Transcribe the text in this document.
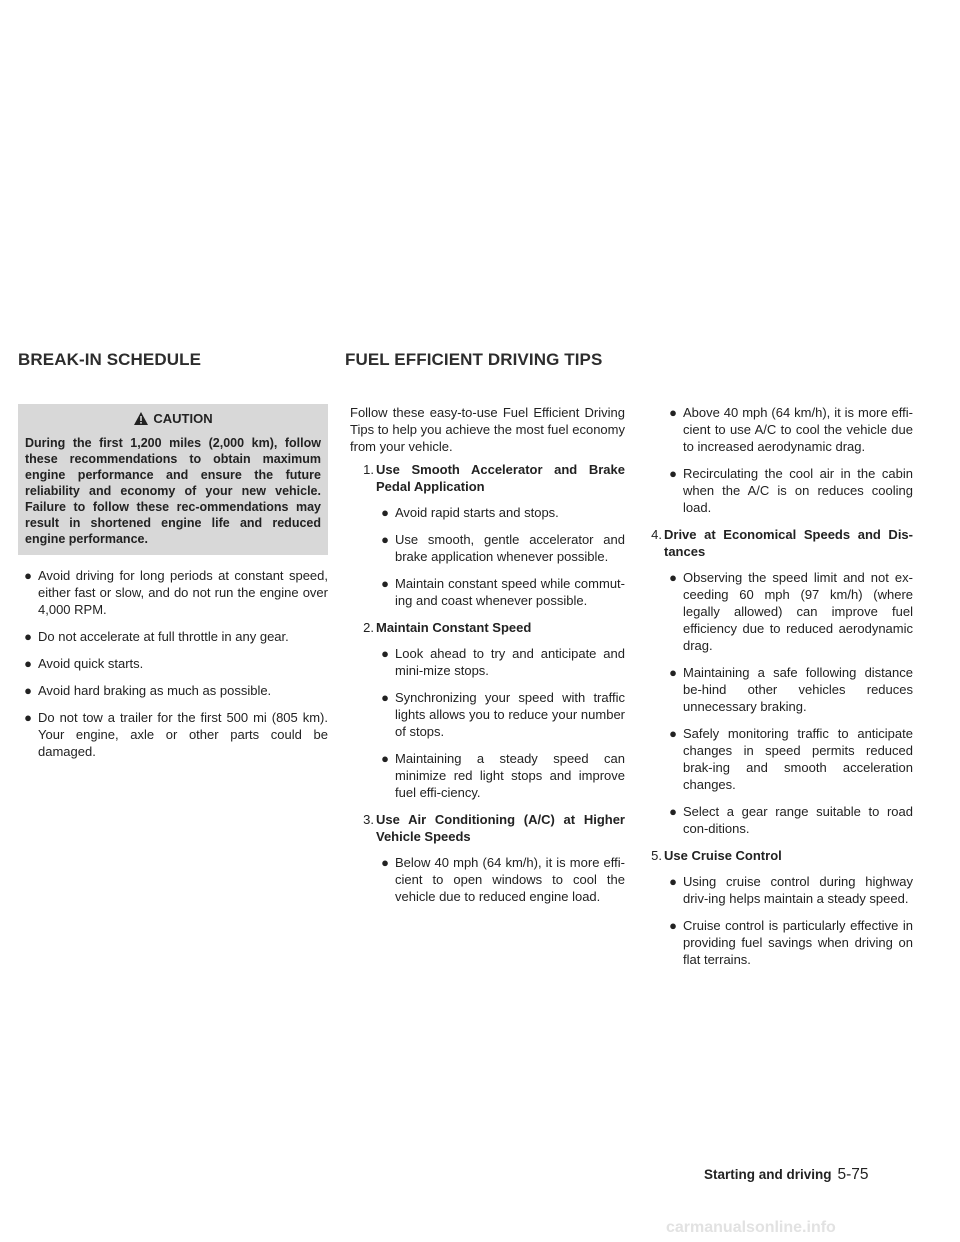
BREAK-IN SCHEDULE	FUEL EFFICIENT DRIVING TIPS
CAUTION
During the first 1,200 miles (2,000 km), follow these recommendations to obtain maximum engine performance and ensure the future reliability and economy of your new vehicle. Failure to follow these rec-ommendations may result in shortened engine life and reduced engine performance.
● Avoid driving for long periods at constant speed, either fast or slow, and do not run the engine over 4,000 RPM.
● Do not accelerate at full throttle in any gear.
● Avoid quick starts.
● Avoid hard braking as much as possible.
● Do not tow a trailer for the first 500 mi (805 km). Your engine, axle or other parts could be damaged.

Follow these easy-to-use Fuel Efficient Driving Tips to help you achieve the most fuel economy from your vehicle.

1. Use Smooth Accelerator and Brake Pedal Application
● Avoid rapid starts and stops.
● Use smooth, gentle accelerator and brake application whenever possible.
● Maintain constant speed while commut-ing and coast whenever possible.
2. Maintain Constant Speed
● Look ahead to try and anticipate and mini-mize stops.
● Synchronizing your speed with traffic lights allows you to reduce your number of stops.
● Maintaining a steady speed can minimize red light stops and improve fuel effi-ciency.
3. Use Air Conditioning (A/C) at Higher Vehicle Speeds
● Below 40 mph (64 km/h), it is more effi-cient to open windows to cool the vehicle due to reduced engine load.
● Above 40 mph (64 km/h), it is more effi-cient to use A/C to cool the vehicle due to increased aerodynamic drag.
● Recirculating the cool air in the cabin when the A/C is on reduces cooling load.
4. Drive at Economical Speeds and Dis-tances
● Observing the speed limit and not ex-ceeding 60 mph (97 km/h) (where legally allowed) can improve fuel efficiency due to reduced aerodynamic drag.
● Maintaining a safe following distance be-hind other vehicles reduces unnecessary braking.
● Safely monitoring traffic to anticipate changes in speed permits reduced brak-ing and smooth acceleration changes.
● Select a gear range suitable to road con-ditions.
5. Use Cruise Control
● Using cruise control during highway driv-ing helps maintain a steady speed.
● Cruise control is particularly effective in providing fuel savings when driving on flat terrains.
Starting and driving 5-75
carmanualsonline.info
